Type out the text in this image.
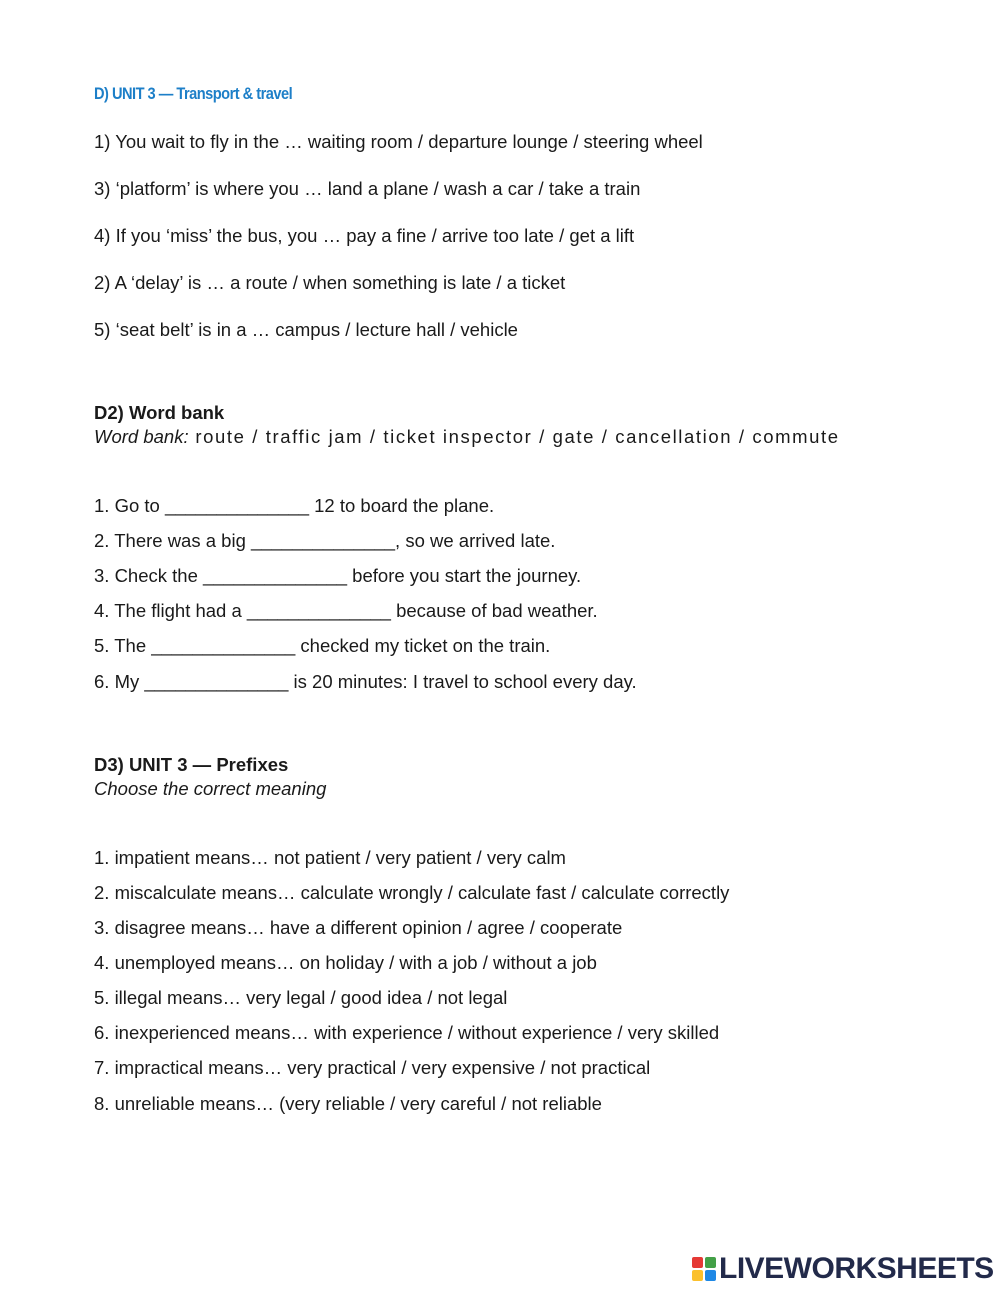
D) UNIT 3 — Transport & travel
1) You wait to fly in the … waiting room / departure lounge / steering wheel
3) ‘platform’ is where you … land a plane / wash a car / take a train
4) If you ‘miss’ the bus, you … pay a fine / arrive too late / get a lift
2) A ‘delay’ is … a route / when something is late / a ticket
5) ‘seat belt’ is in a … campus / lecture hall / vehicle
D2) Word bank
Word bank: route / traffic jam / ticket inspector / gate / cancellation / commute
1. Go to ______________ 12 to board the plane.
2. There was a big ______________, so we arrived late.
3. Check the ______________ before you start the journey.
4. The flight had a ______________ because of bad weather.
5. The ______________ checked my ticket on the train.
6. My ______________ is 20 minutes: I travel to school every day.
D3) UNIT 3 — Prefixes
Choose the correct meaning
1. impatient means… not patient / very patient / very calm
2. miscalculate means… calculate wrongly / calculate fast / calculate correctly
3. disagree means… have a different opinion / agree / cooperate
4. unemployed means… on holiday / with a job / without a job
5. illegal means… very legal / good idea / not legal
6. inexperienced means… with experience / without experience / very skilled
7. impractical means… very practical / very expensive / not practical
8. unreliable means… (very reliable / very careful / not reliable
LIVEWORKSHEETS
